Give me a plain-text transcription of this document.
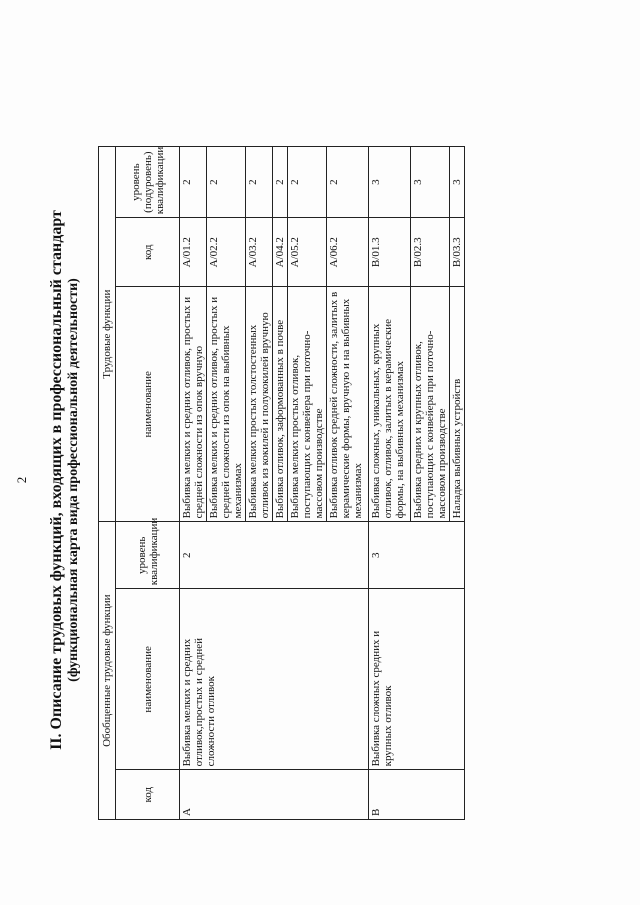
2 II. Описание трудовых функций, входящих в профессиональный стандарт (функциональная карта вида профессиональной деятельности) Обобщенные трудовые функции			Трудовые функции		
код	наименование	уровень квалификации	наименование	код	уровень (подуровень) квалификации
А	Выбивка мелких и средних отливок,простых и средней сложности отливок	2	Выбивка мелких и средних отливок, простых и средней сложности из опок вручную	А/01.2	2
			Выбивка мелких и средних отливок, простых и средней сложности из опок на выбивных механизмах	А/02.2	2
			Выбивка мелких простых толстостенных отливок из кокилей и полукокилей вручную	А/03.2	2
			Выбивка отливок, заформованных в почве	А/04.2	2
			Выбивка мелких простых отливок, поступающих с конвейера при поточно-массовом производстве	А/05.2	2
			Выбивка отливок средней сложности, залитых в керамические формы, вручную и на выбивных механизмах	А/06.2	2
В	Выбивка сложных средних и крупных отливок	3	Выбивка сложных, уникальных, крупных отливок, отливок, залитых в керамические формы, на выбивных механизмах	В/01.3	3
			Выбивка средних и крупных отливок, поступающих с конвейера при поточно-массовом производстве	В/02.3	3
			Наладка выбивных устройств	В/03.3	3
